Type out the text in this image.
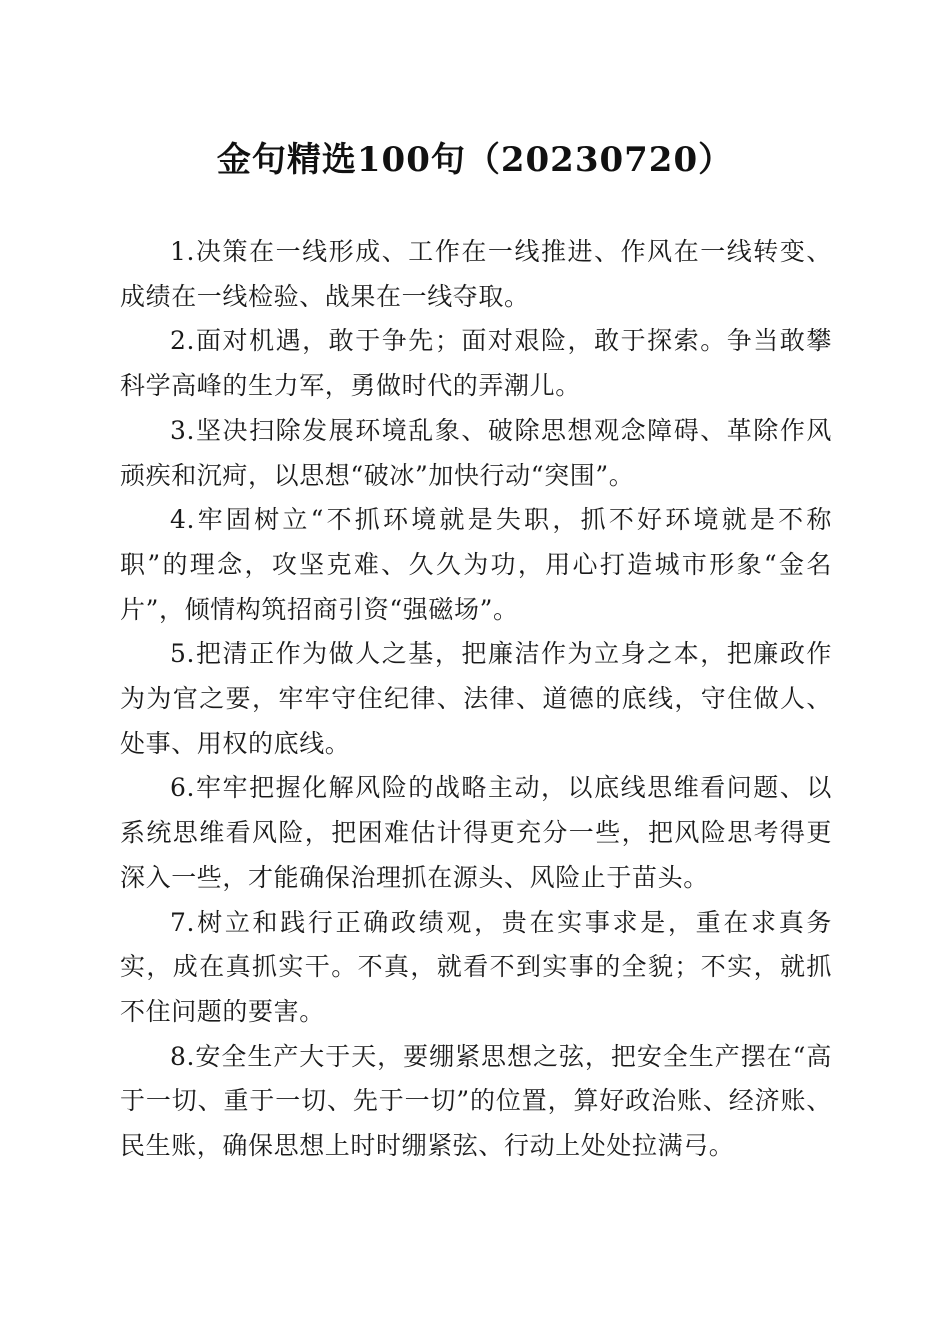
金句精选100句（20230720）

1.决策在一线形成、工作在一线推进、作风在一线转变、成绩在一线检验、战果在一线夺取。

2.面对机遇，敢于争先；面对艰险，敢于探索。争当敢攀科学高峰的生力军，勇做时代的弄潮儿。

3.坚决扫除发展环境乱象、破除思想观念障碍、革除作风顽疾和沉疴，以思想“破冰”加快行动“突围”。

4.牢固树立“不抓环境就是失职，抓不好环境就是不称职”的理念，攻坚克难、久久为功，用心打造城市形象“金名片”，倾情构筑招商引资“强磁场”。

5.把清正作为做人之基，把廉洁作为立身之本，把廉政作为为官之要，牢牢守住纪律、法律、道德的底线，守住做人、处事、用权的底线。

6.牢牢把握化解风险的战略主动，以底线思维看问题、以系统思维看风险，把困难估计得更充分一些，把风险思考得更深入一些，才能确保治理抓在源头、风险止于苗头。

7.树立和践行正确政绩观，贵在实事求是，重在求真务实，成在真抓实干。不真，就看不到实事的全貌；不实，就抓不住问题的要害。

8.安全生产大于天，要绷紧思想之弦，把安全生产摆在“高于一切、重于一切、先于一切”的位置，算好政治账、经济账、民生账，确保思想上时时绷紧弦、行动上处处拉满弓。
